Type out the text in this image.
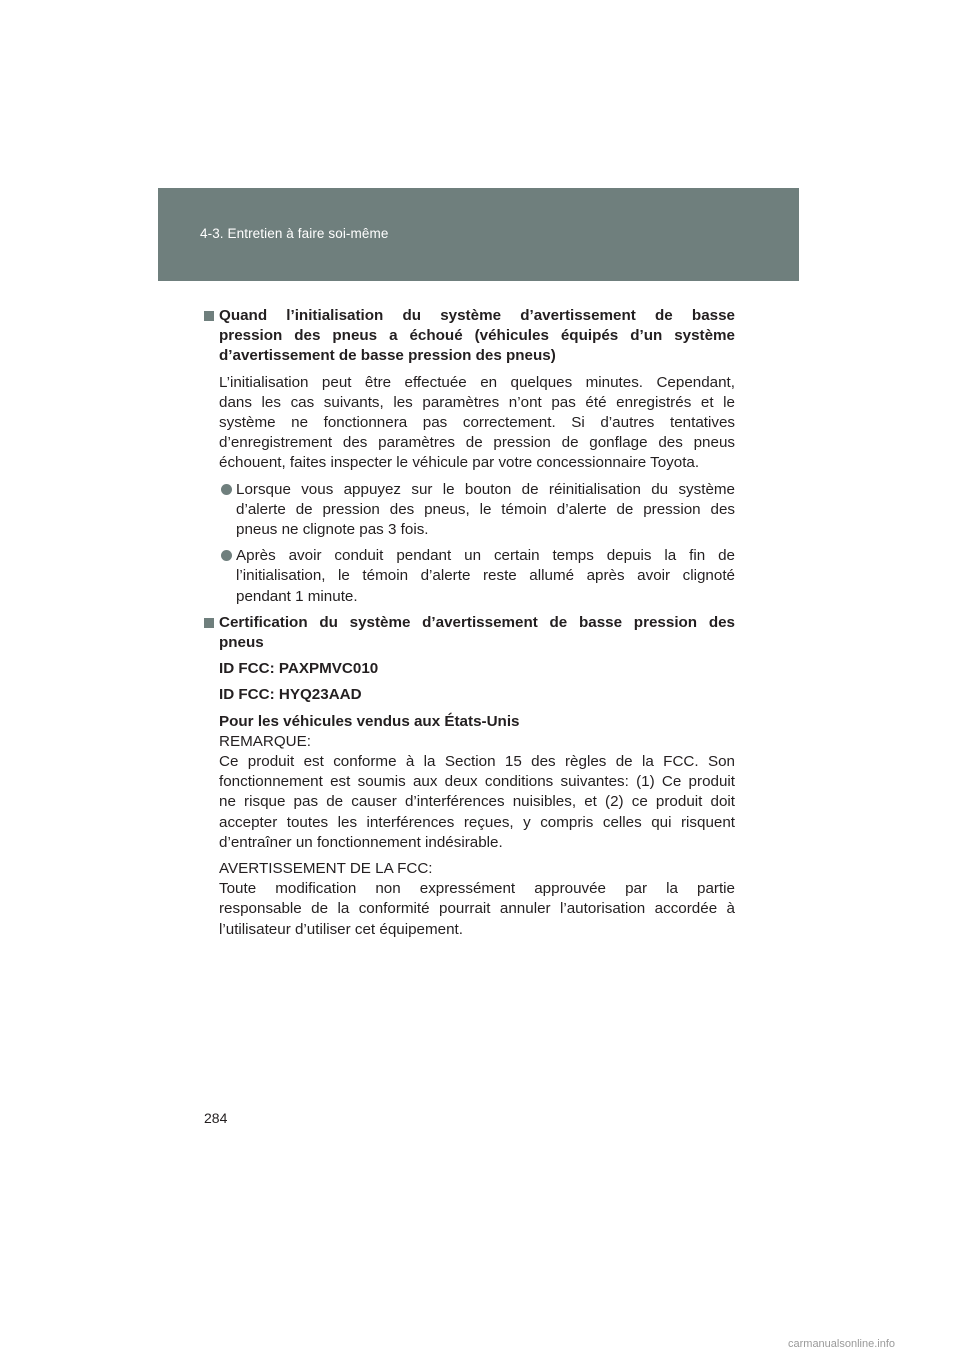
4-3. Entretien à faire soi-même
Quand l’initialisation du système d’avertissement de basse
pression des pneus a échoué (véhicules équipés d’un système
d’avertissement de basse pression des pneus)
L’initialisation peut être effectuée en quelques minutes. Cependant,
dans les cas suivants, les paramètres n’ont pas été enregistrés et le
système ne fonctionnera pas correctement. Si d’autres tentatives
d’enregistrement des paramètres de pression de gonflage des pneus
échouent, faites inspecter le véhicule par votre concessionnaire Toyota.
Lorsque vous appuyez sur le bouton de réinitialisation du système
d’alerte de pression des pneus, le témoin d’alerte de pression des
pneus ne clignote pas 3 fois.
Après avoir conduit pendant un certain temps depuis la fin de
l’initialisation, le témoin d’alerte reste allumé après avoir clignoté
pendant 1 minute.
Certification du système d’avertissement de basse pression des
pneus
ID FCC: PAXPMVC010
ID FCC: HYQ23AAD
Pour les véhicules vendus aux États-Unis
REMARQUE:
Ce produit est conforme à la Section 15 des règles de la FCC. Son
fonctionnement est soumis aux deux conditions suivantes: (1) Ce produit
ne risque pas de causer d’interférences nuisibles, et (2) ce produit doit
accepter toutes les interférences reçues, y compris celles qui risquent
d’entraîner un fonctionnement indésirable.
AVERTISSEMENT DE LA FCC:
Toute modification non expressément approuvée par la partie
responsable de la conformité pourrait annuler l’autorisation accordée à
l’utilisateur d’utiliser cet équipement.
284
carmanualsonline.info
